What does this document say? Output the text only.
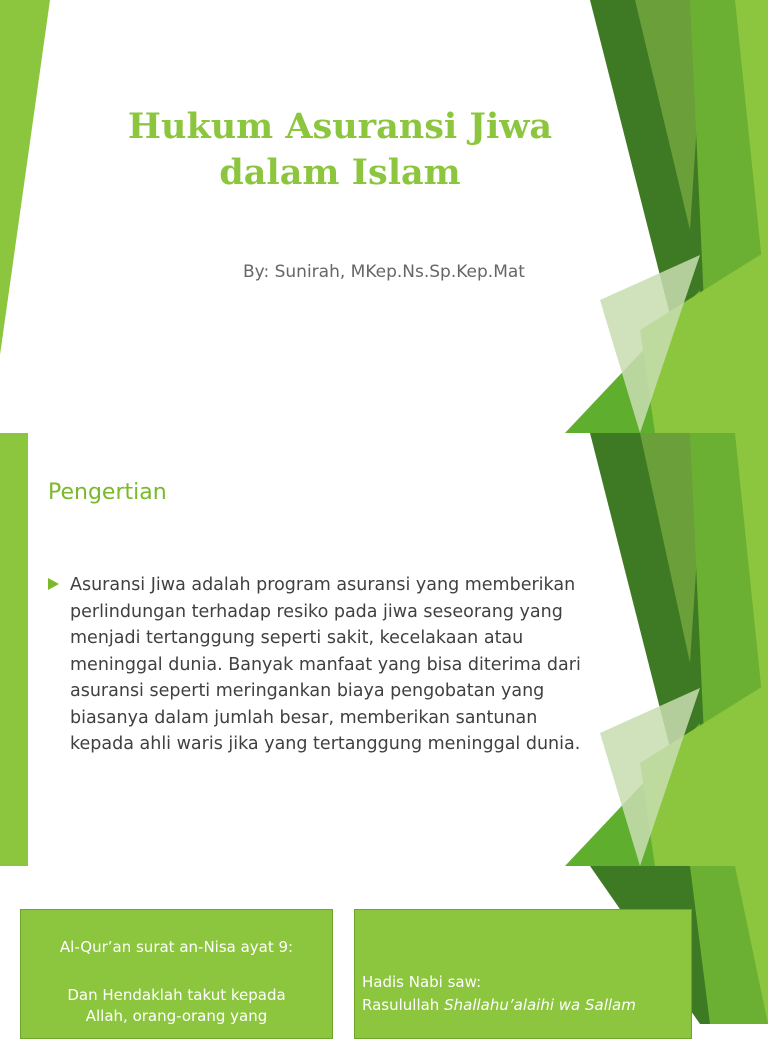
Hukum Asuransi Jiwa
dalam Islam
By: Sunirah, MKep.Ns.Sp.Kep.Mat
Pengertian
Asuransi Jiwa adalah program asuransi yang memberikan perlindungan terhadap resiko pada jiwa seseorang yang menjadi tertanggung seperti sakit, kecelakaan atau meninggal dunia. Banyak manfaat yang bisa diterima dari asuransi seperti meringankan biaya pengobatan yang biasanya dalam jumlah besar, memberikan santunan kepada ahli waris jika yang tertanggung meninggal dunia.
Al-Qur’an surat an-Nisa ayat 9:
Dan Hendaklah takut kepada
Allah, orang-orang yang
Hadis Nabi saw:
Rasulullah Shallahu’alaihi wa Sallam
